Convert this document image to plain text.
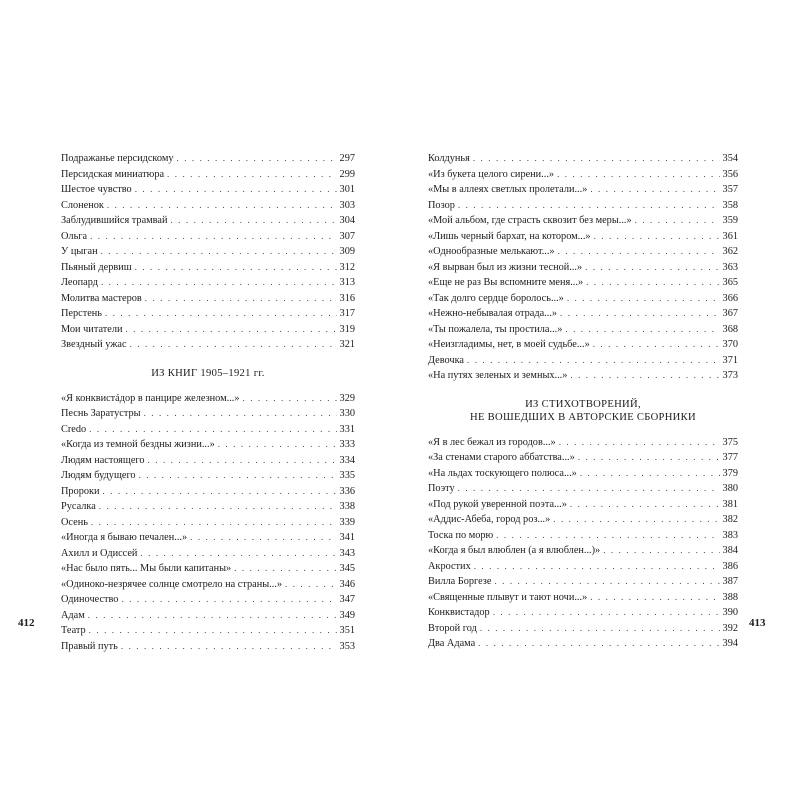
Подражанье персидскому . . .	297
Персидская миниатюра . . .	299
Шестое чувство . . .	301
Слоненок . . .	303
Заблудившийся трамвай . . .	304
Ольга . . .	307
У цыган . . .	309
Пьяный дервиш . . .	312
Леопард . . .	313
Молитва мастеров . . .	316
Перстень . . .	317
Мои читатели . . .	319
Звездный ужас . . .	321
ИЗ КНИГ 1905–1921 гг.
«Я конквистáдор в панцире железном...» . . .	329
Песнь Заратустры . . .	330
Credo . . .	331
«Когда из темной бездны жизни...» . . .	333
Людям настоящего . . .	334
Людям будущего . . .	335
Пророки . . .	336
Русалка . . .	338
Осень . . .	339
«Иногда я бываю печален...» . . .	341
Ахилл и Одиссей . . .	343
«Нас было пять... Мы были капитаны» . . .	345
«Одиноко-незрячее солнце смотрело на страны...» . . .	346
Одиночество . . .	347
Адам . . .	349
Театр . . .	351
Правый путь . . .	353
412
Колдунья . . .	354
«Из букета целого сирени...» . . .	356
«Мы в аллеях светлых пролетали...» . . .	357
Позор . . .	358
«Мой альбом, где страсть сквозит без меры...» . . .	359
«Лишь черный бархат, на котором...» . . .	361
«Однообразные мелькают...» . . .	362
«Я вырван был из жизни тесной...» . . .	363
«Еще не раз Вы вспомните меня...» . . .	365
«Так долго сердце боролось...» . . .	366
«Нежно-небывалая отрада...» . . .	367
«Ты пожалела, ты простила...» . . .	368
«Неизгладимы, нет, в моей судьбе...» . . .	370
Девочка . . .	371
«На путях зеленых и земных...» . . .	373
ИЗ СТИХОТВОРЕНИЙ,
НЕ ВОШЕДШИХ В АВТОРСКИЕ СБОРНИКИ
«Я в лес бежал из городов...» . . .	375
«За стенами старого аббатства...» . . .	377
«На льдах тоскующего полюса...» . . .	379
Поэту . . .	380
«Под рукой уверенной поэта...» . . .	381
«Аддис-Абеба, город роз...» . . .	382
Тоска по морю . . .	383
«Когда я был влюблен (а я влюблен...)» . . .	384
Акростих . . .	386
Вилла Боргезе . . .	387
«Священные плывут и тают ночи...» . . .	388
Конквистадор . . .	390
Второй год . . .	392
Два Адама . . .	394
413
